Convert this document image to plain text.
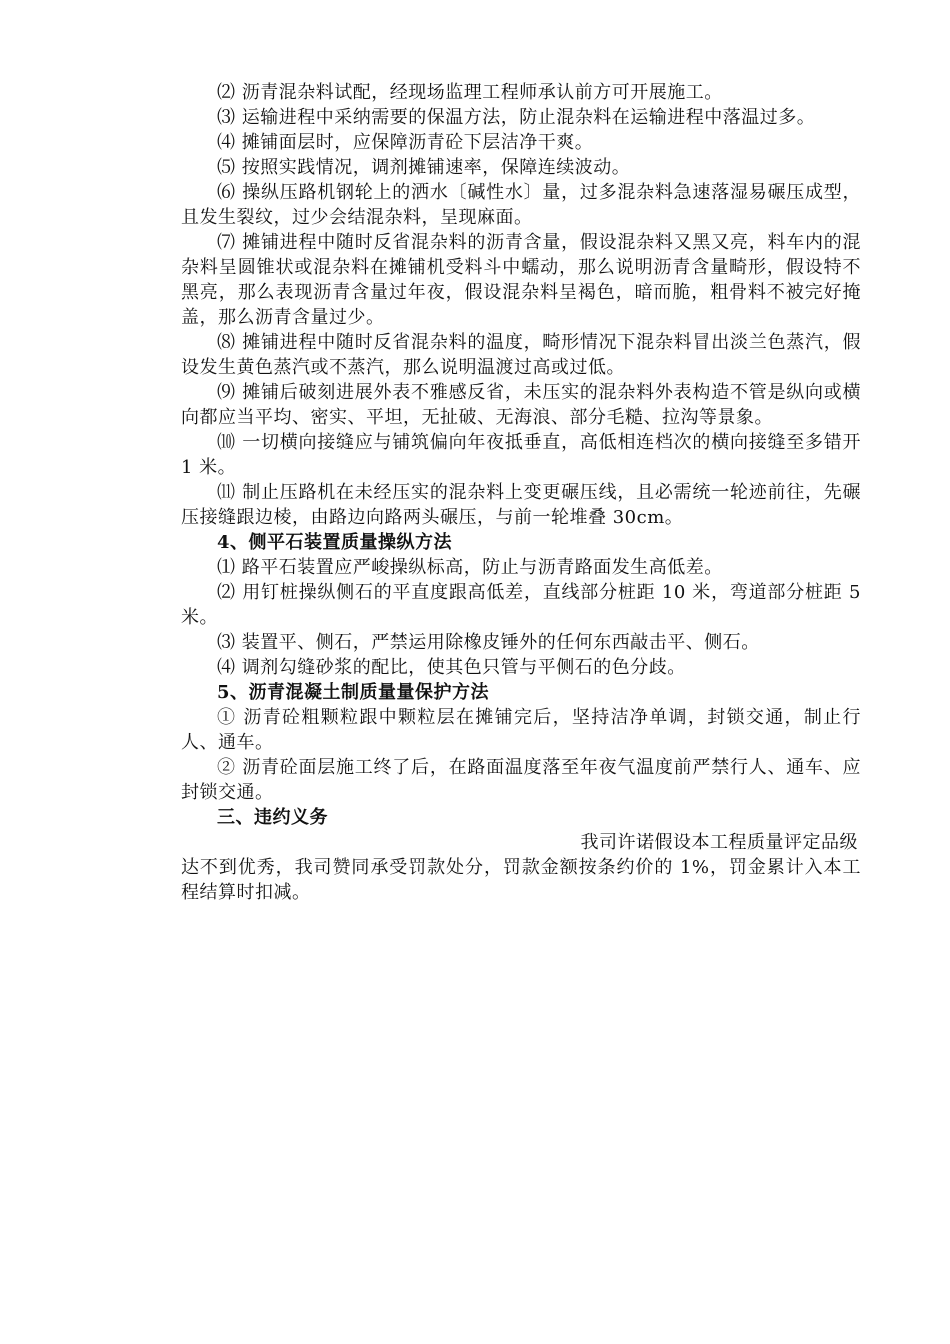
⑵ 沥青混杂料试配，经现场监理工程师承认前方可开展施工。

⑶ 运输进程中采纳需要的保温方法，防止混杂料在运输进程中落温过多。

⑷ 摊铺面层时，应保障沥青砼下层洁净干爽。

⑸ 按照实践情况，调剂摊铺速率，保障连续波动。

⑹ 操纵压路机钢轮上的洒水〔碱性水〕量，过多混杂料急速落湿易碾压成型，且发生裂纹，过少会结混杂料，呈现麻面。

⑺ 摊铺进程中随时反省混杂料的沥青含量，假设混杂料又黑又亮，料车内的混杂料呈圆锥状或混杂料在摊铺机受料斗中蠕动，那么说明沥青含量畸形，假设特不黑亮，那么表现沥青含量过年夜，假设混杂料呈褐色，暗而脆，粗骨料不被完好掩盖，那么沥青含量过少。

⑻ 摊铺进程中随时反省混杂料的温度，畸形情况下混杂料冒出淡兰色蒸汽，假设发生黄色蒸汽或不蒸汽，那么说明温渡过高或过低。

⑼ 摊铺后破刻进展外表不雅感反省，未压实的混杂料外表构造不管是纵向或横向都应当平均、密实、平坦，无扯破、无海浪、部分毛糙、拉沟等景象。

⑽ 一切横向接缝应与铺筑偏向年夜抵垂直，高低相连档次的横向接缝至多错开 1 米。

⑾ 制止压路机在未经压实的混杂料上变更碾压线，且必需统一轮迹前往，先碾压接缝跟边棱，由路边向路两头碾压，与前一轮堆叠 30cm。

4、侧平石装置质量操纵方法

⑴ 路平石装置应严峻操纵标高，防止与沥青路面发生高低差。

⑵ 用钉桩操纵侧石的平直度跟高低差，直线部分桩距 10 米，弯道部分桩距 5 米。

⑶ 装置平、侧石，严禁运用除橡皮锤外的任何东西敲击平、侧石。

⑷ 调剂勾缝砂浆的配比，使其色只管与平侧石的色分歧。

5、沥青混凝土制质量量保护方法

① 沥青砼粗颗粒跟中颗粒层在摊铺完后，坚持洁净单调，封锁交通，制止行人、通车。

② 沥青砼面层施工终了后，在路面温度落至年夜气温度前严禁行人、通车、应封锁交通。

三、违约义务

我司许诺假设本工程质量评定品级
达不到优秀，我司赞同承受罚款处分，罚款金额按条约价的 1%，罚金累计入本工程结算时扣减。
